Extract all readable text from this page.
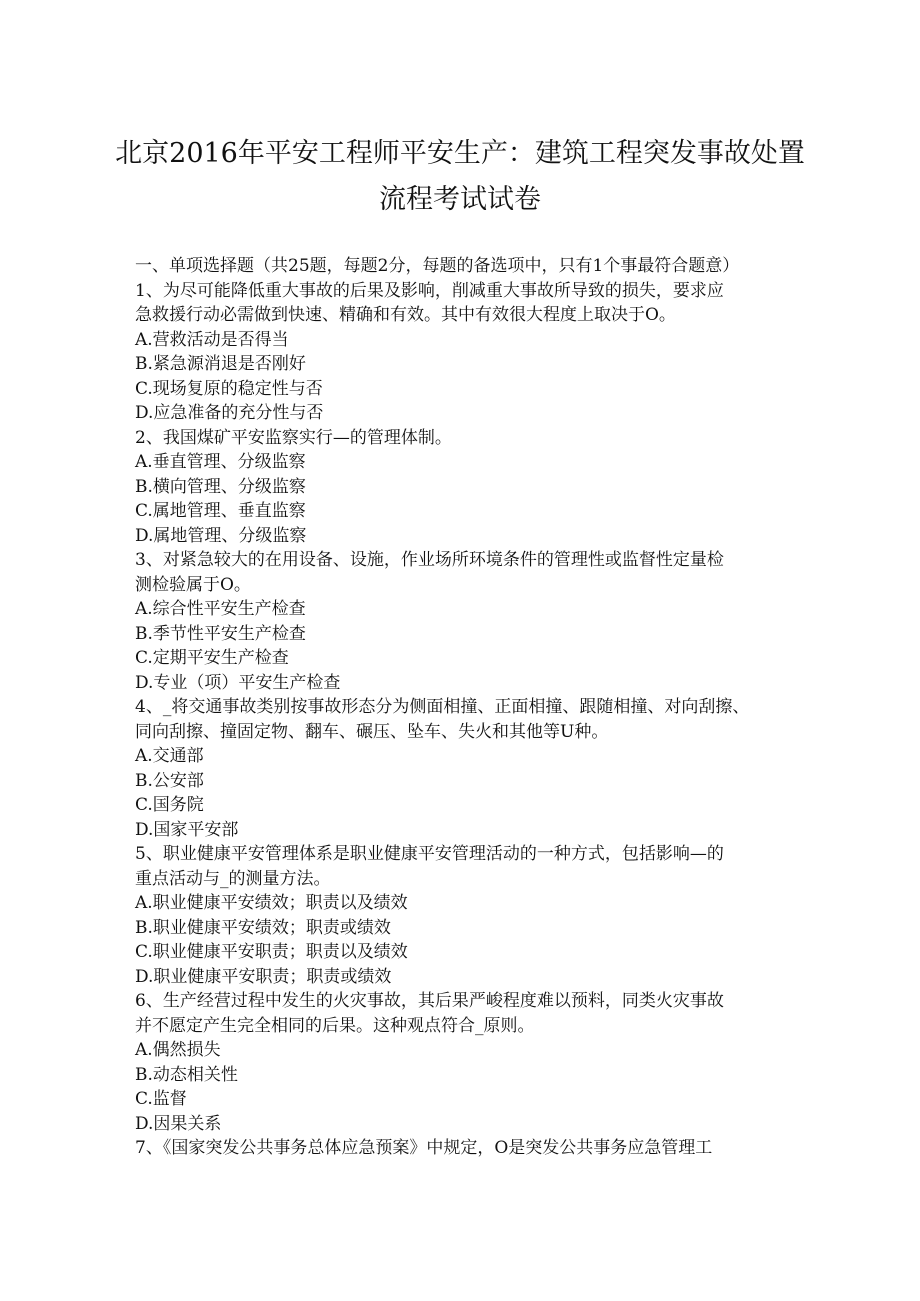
北京2016年平安工程师平安生产：建筑工程突发事故处置
流程考试试卷
一、单项选择题（共25题，每题2分，每题的备选项中，只有1个事最符合题意）
1、为尽可能降低重大事故的后果及影响，削减重大事故所导致的损失，要求应
急救援行动必需做到快速、精确和有效。其中有效很大程度上取决于O。
A.营救活动是否得当
B.紧急源消退是否刚好
C.现场复原的稳定性与否
D.应急准备的充分性与否
2、我国煤矿平安监察实行—的管理体制。
A.垂直管理、分级监察
B.横向管理、分级监察
C.属地管理、垂直监察
D.属地管理、分级监察
3、对紧急较大的在用设备、设施，作业场所环境条件的管理性或监督性定量检
测检验属于O。
A.综合性平安生产检查
B.季节性平安生产检查
C.定期平安生产检查
D.专业（项）平安生产检查
4、_将交通事故类别按事故形态分为侧面相撞、正面相撞、跟随相撞、对向刮擦、
同向刮擦、撞固定物、翻车、碾压、坠车、失火和其他等U种。
A.交通部
B.公安部
C.国务院
D.国家平安部
5、职业健康平安管理体系是职业健康平安管理活动的一种方式，包括影响—的
重点活动与_的测量方法。
A.职业健康平安绩效；职责以及绩效
B.职业健康平安绩效；职责或绩效
C.职业健康平安职责；职责以及绩效
D.职业健康平安职责；职责或绩效
6、生产经营过程中发生的火灾事故，其后果严峻程度难以预料，同类火灾事故
并不愿定产生完全相同的后果。这种观点符合_原则。
A.偶然损失
B.动态相关性
C.监督
D.因果关系
7、《国家突发公共事务总体应急预案》中规定，O是突发公共事务应急管理工
